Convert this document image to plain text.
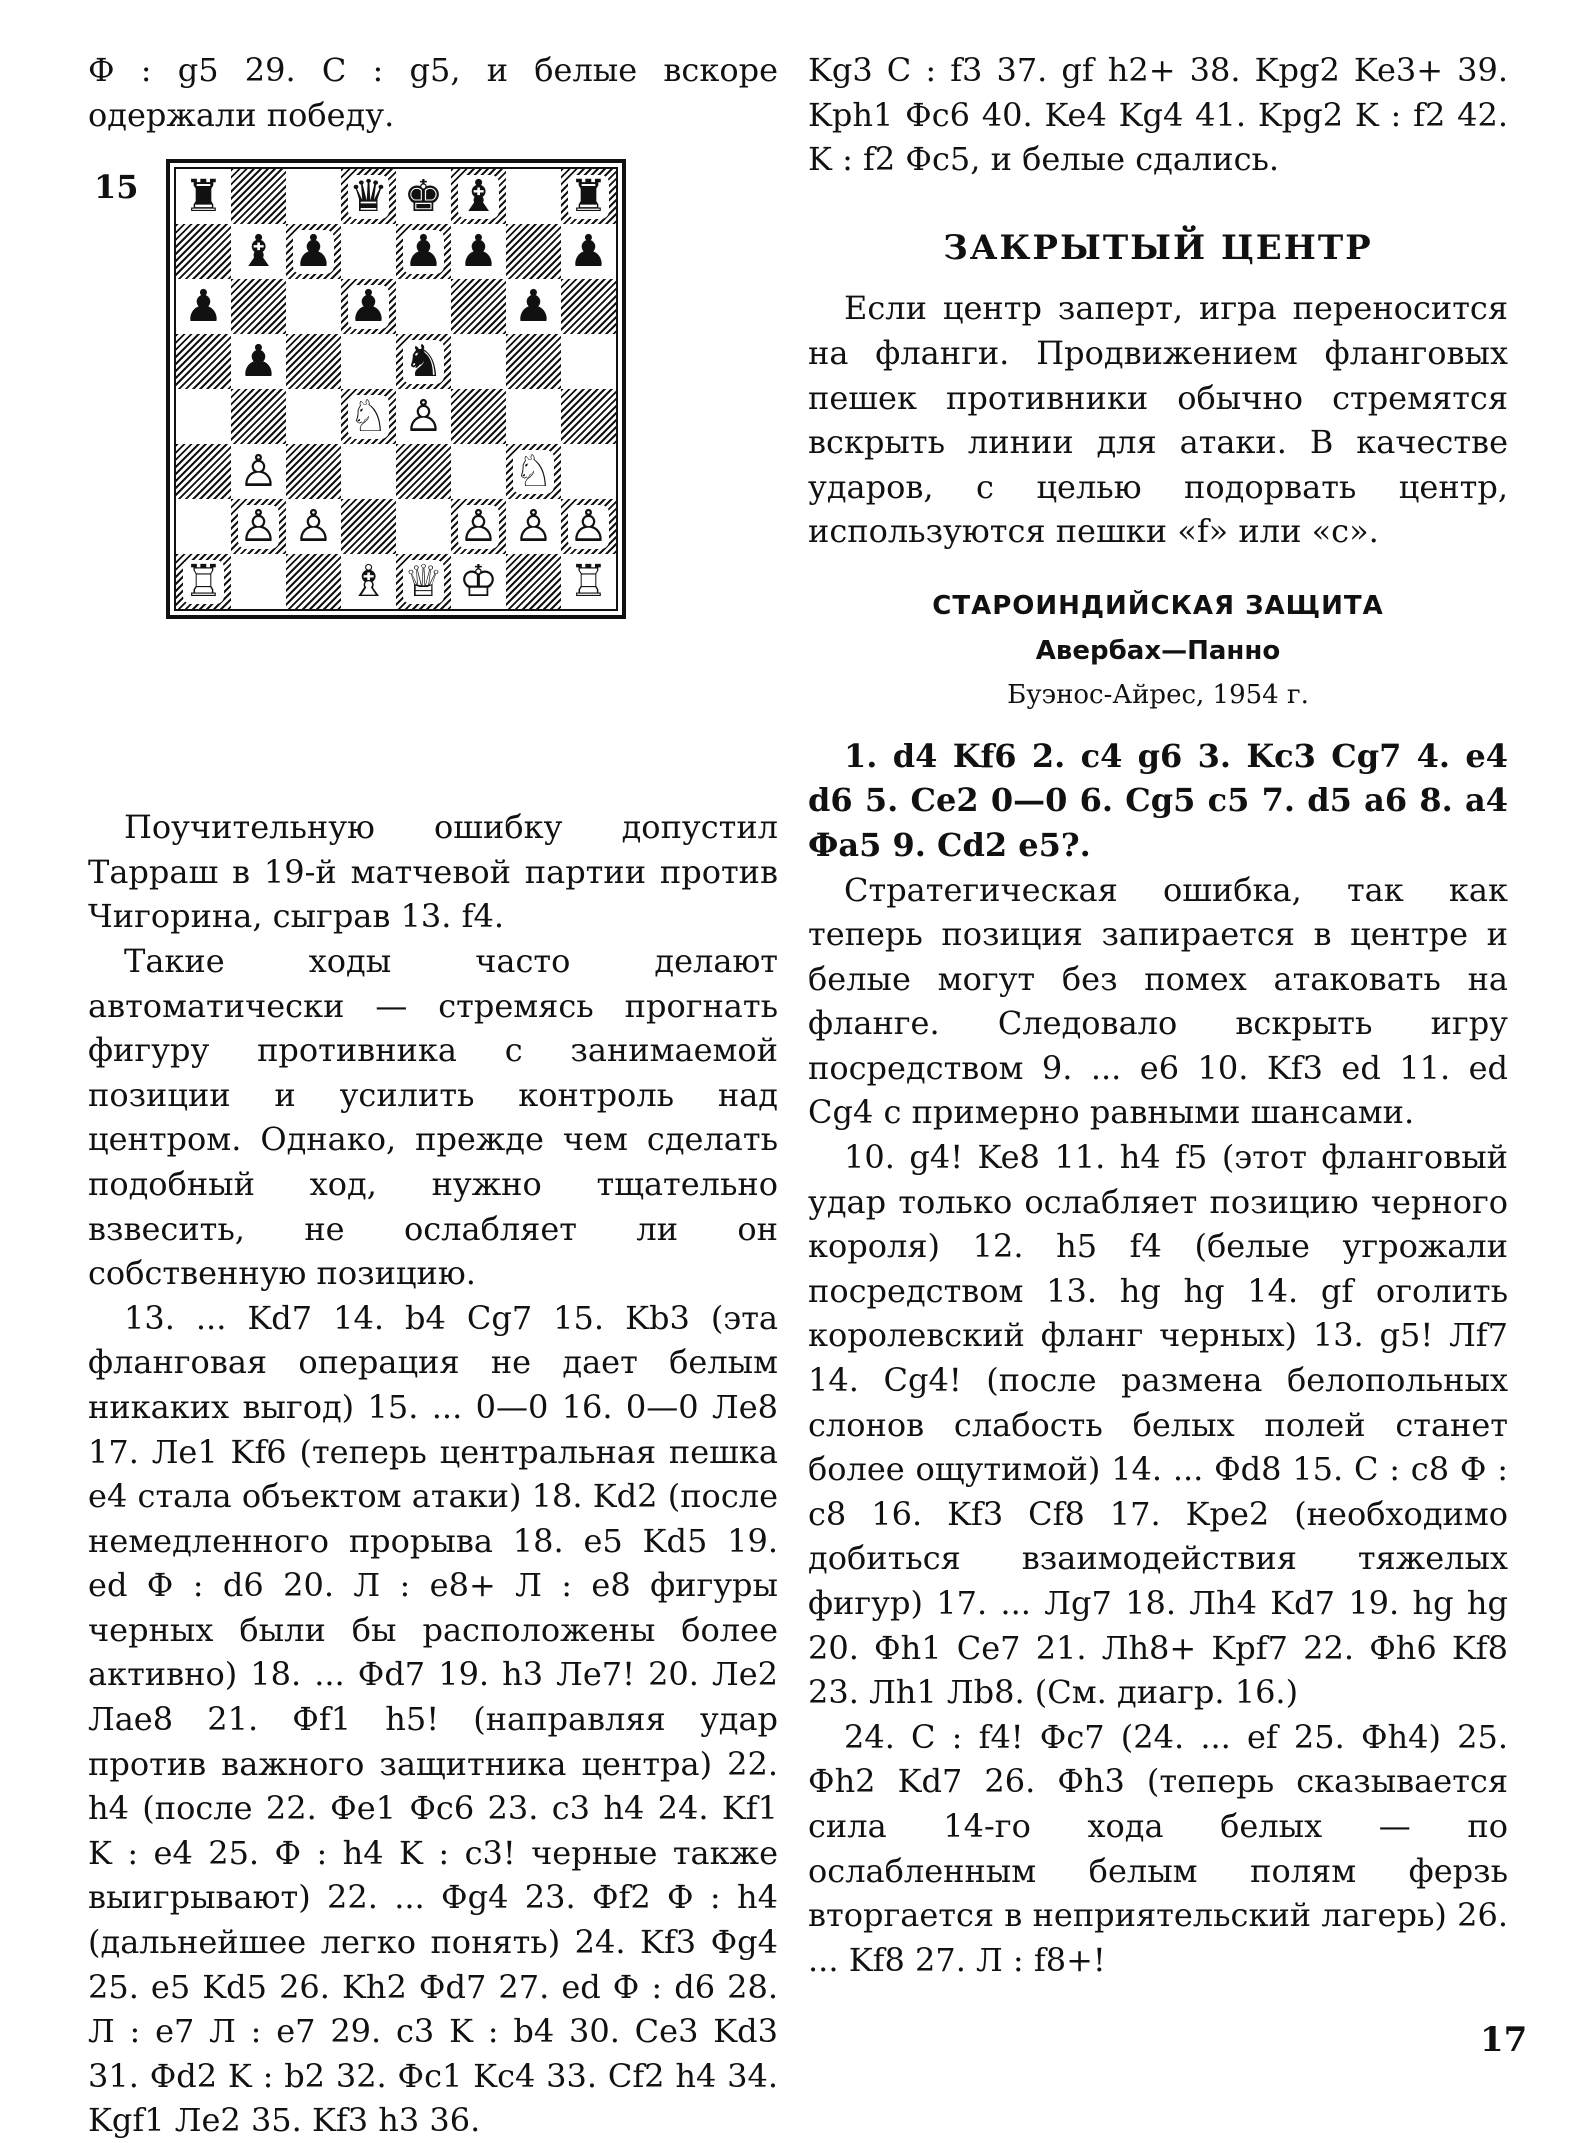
Ф : g5 29. С : g5, и белые вскоре одержали победу.

15 ♜	♛ ♚ ♝ ♜
♝ ♟ ♟ ♟ ♟
♟	♟	♟
♟	♞
♘ ♙
♙	♘
♙ ♙	♙ ♙ ♙
♖	♗ ♕ ♔ ♖

Поучительную ошибку допустил Тарраш в 19-й матчевой партии против Чигорина, сыграв 13. f4.

Такие ходы часто делают автоматически — стремясь прогнать фигуру противника с занимаемой позиции и усилить контроль над центром. Однако, прежде чем сделать подобный ход, нужно тщательно взвесить, не ослабляет ли он собственную позицию.

13. ... Kd7 14. b4 Cg7 15. Kb3 (эта фланговая операция не дает белым никаких выгод) 15. ... 0—0 16. 0—0 Ле8 17. Ле1 Kf6 (теперь центральная пешка е4 стала объектом атаки) 18. Kd2 (после немедленного прорыва 18. е5 Kd5 19. ed Ф : d6 20. Л : е8+ Л : е8 фигуры черных были бы расположены более активно) 18. ... Фd7 19. h3 Ле7! 20. Ле2 Лае8 21. Фf1 h5! (направляя удар против важного защитника центра) 22. h4 (после 22. Фе1 Фс6 23. с3 h4 24. Kf1 K : е4 25. Ф : h4 K : с3! черные также выигрывают) 22. ... Фg4 23. Фf2 Ф : h4 (дальнейшее легко понять) 24. Kf3 Фg4 25. е5 Kd5 26. Kh2 Фd7 27. ed Ф : d6 28. Л : е7 Л : е7 29. с3 K : b4 30. Се3 Kd3 31. Фd2 K : b2 32. Фс1 Kс4 33. Cf2 h4 34. Kgf1 Ле2 35. Kf3 h3 36.

Kg3 C : f3 37. gf h2+ 38. Kpg2 Ke3+ 39. Kph1 Фс6 40. Ke4 Kg4 41. Kpg2 K : f2 42. K : f2 Фс5, и белые сдались.

ЗАКРЫТЫЙ ЦЕНТР

Если центр заперт, игра переносится на фланги. Продвижением фланговых пешек противники обычно стремятся вскрыть линии для атаки. В качестве ударов, с целью подорвать центр, используются пешки «f» или «с».

СТАРОИНДИЙСКАЯ ЗАЩИТА

Авербах—Панно

Буэнос-Айрес, 1954 г.

1. d4 Kf6 2. с4 g6 3. Kс3 Cg7 4. е4 d6 5. Се2 0—0 6. Cg5 с5 7. d5 а6 8. а4 Фа5 9. Cd2 е5?.

Стратегическая ошибка, так как теперь позиция запирается в центре и белые могут без помех атаковать на фланге. Следовало вскрыть игру посредством 9. ... е6 10. Kf3 ed 11. ed Cg4 с примерно равными шансами.

10. g4! Ke8 11. h4 f5 (этот фланговый удар только ослабляет позицию черного короля) 12. h5 f4 (белые угрожали посредством 13. hg hg 14. gf оголить королевский фланг черных) 13. g5! Лf7 14. Cg4! (после размена белопольных слонов слабость белых полей станет более ощутимой) 14. ... Фd8 15. C : c8 Ф : c8 16. Kf3 Cf8 17. Kpe2 (необходимо добиться взаимодействия тяжелых фигур) 17. ... Лg7 18. Лh4 Kd7 19. hg hg 20. Фh1 Се7 21. Лh8+ Kpf7 22. Фh6 Kf8 23. Лh1 Лb8. (См. диагр. 16.)

24. C : f4! Фс7 (24. ... ef 25. Фh4) 25. Фh2 Kd7 26. Фh3 (теперь сказывается сила 14-го хода белых — по ослабленным белым полям ферзь вторгается в неприятельский лагерь) 26. ... Kf8 27. Л : f8+!

17
